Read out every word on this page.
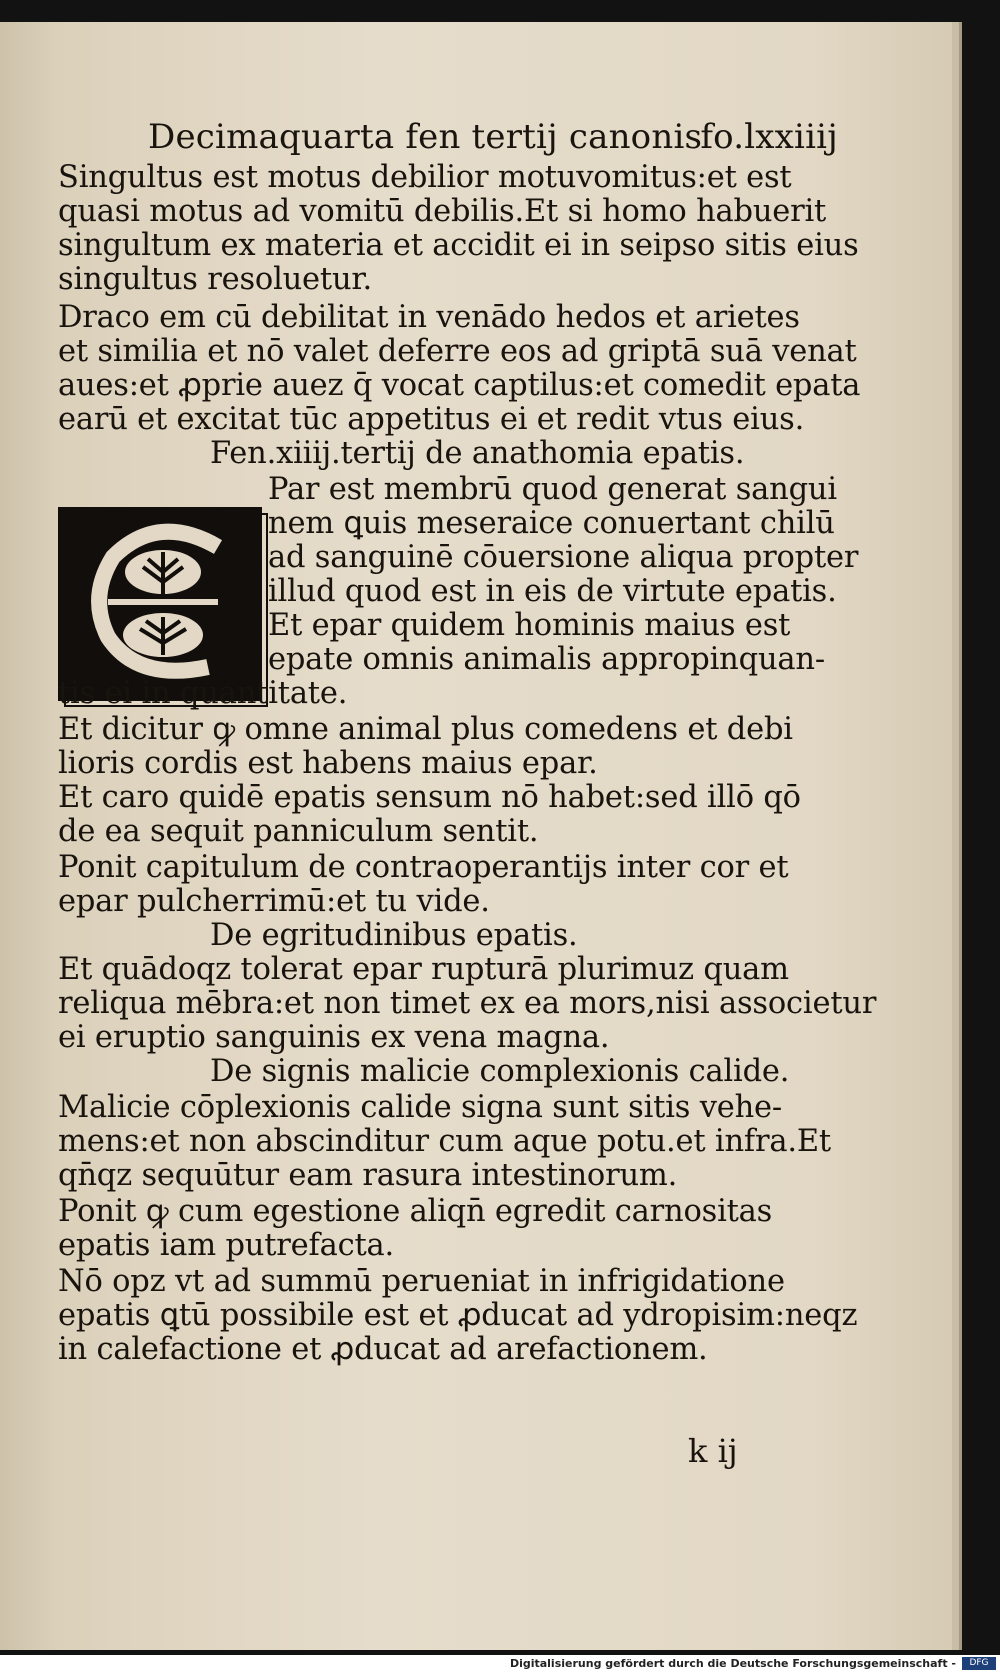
Decimaquarta fen tertij canonis
fo.lxxiiij
Singultus est motus debilior motuvomitus:et est
quasi motus ad vomitū debilis.Et si homo habuerit
singultum ex materia et accidit ei in seipso sitis eius
singultus resoluetur.
Draco em cū debilitat in venādo hedos et arietes
et similia et nō valet deferre eos ad griptā suā venat
aues:et ꝓprie auez q̄ vocat captilus:et comedit epata
earū et excitat tūc appetitus ei et redit vtus eius.
Fen.xiiij.tertij de anathomia epatis.
Par est membrū quod generat sangui
nem ꝗuis meseraice conuertant chilū
ad sanguinē cōuersione aliqua propter
illud quod est in eis de virtute epatis.
Et epar quidem hominis maius est
epate omnis animalis appropinquan-
tis ei in quantitate.
Et dicitur ꝙ omne animal plus comedens et debi
lioris cordis est habens maius epar.
Et caro quidē epatis sensum nō habet:sed illō qō
de ea sequit panniculum sentit.
Ponit capitulum de contraoperantijs inter cor et
epar pulcherrimū:et tu vide.
De egritudinibus epatis.
Et quādoqz tolerat epar rupturā plurimuz quam
reliqua mēbra:et non timet ex ea mors,nisi associetur
ei eruptio sanguinis ex vena magna.
De signis malicie complexionis calide.
Malicie cōplexionis calide signa sunt sitis vehe-
mens:et non abscinditur cum aque potu.et infra.Et
qn̄qz sequūtur eam rasura intestinorum.
Ponit ꝙ cum egestione aliqn̄ egredit carnositas
epatis iam putrefacta.
Nō opz vt ad summū perueniat in infrigidatione
epatis ꝗtū possibile est et ꝓducat ad ydropisim:neqz
in calefactione et ꝓducat ad arefactionem.
k ij
Digitalisierung gefördert durch die Deutsche Forschungsgemeinschaft -	DFG
